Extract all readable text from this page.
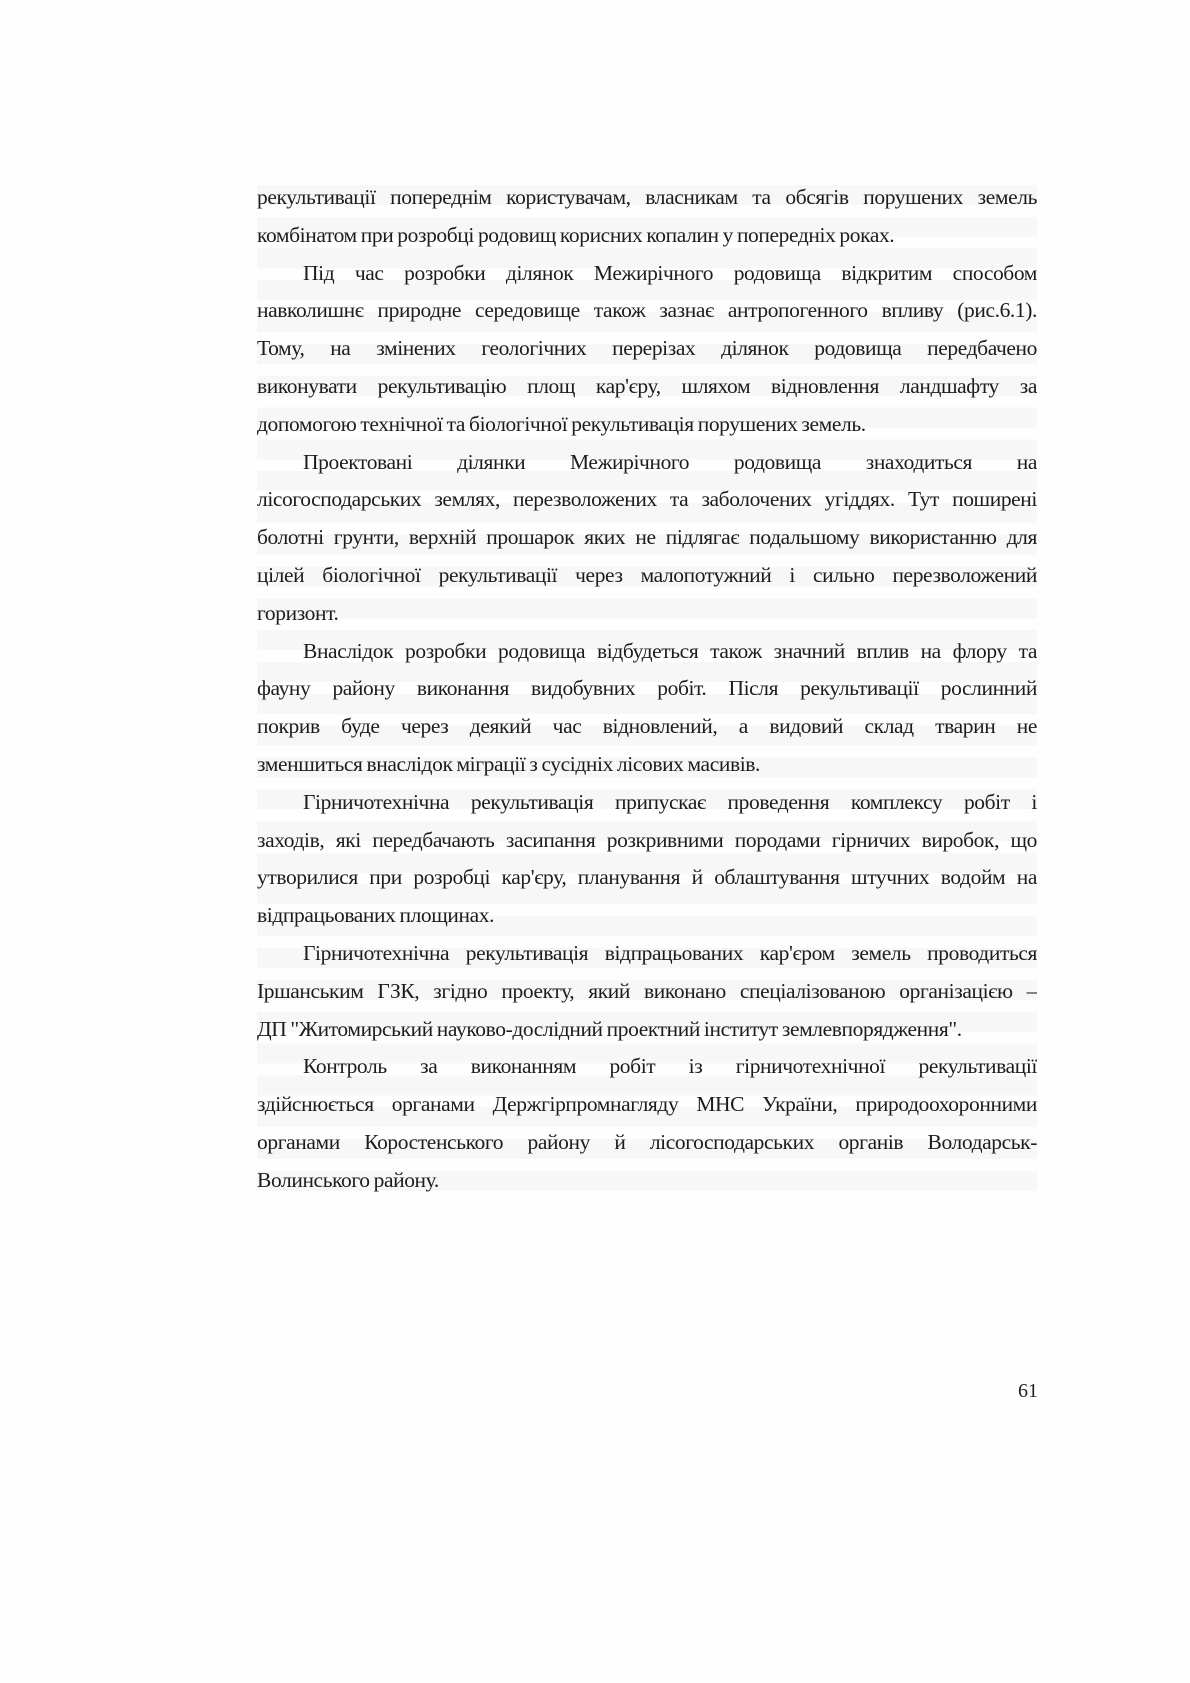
рекультивації попереднім користувачам, власникам та обсягів порушених земель
комбінатом при розробці родовищ корисних копалин у попередніх роках.
Під час розробки ділянок Межирічного родовища відкритим способом
навколишнє природне середовище також зазнає антропогенного впливу (рис.6.1).
Тому, на змінених геологічних перерізах ділянок родовища передбачено
виконувати рекультивацію площ кар'єру, шляхом відновлення ландшафту за
допомогою технічної та біологічної рекультивація порушених земель.
Проектовані ділянки Межирічного родовища знаходиться на
лісогосподарських землях, перезволожених та заболочених угіддях. Тут поширені
болотні грунти, верхній прошарок яких не підлягає подальшому використанню для
цілей біологічної рекультивації через малопотужний і сильно перезволожений
горизонт.
Внаслідок розробки родовища відбудеться також значний вплив на флору та
фауну району виконання видобувних робіт. Після рекультивації рослинний
покрив буде через деякий час відновлений, а видовий склад тварин не
зменшиться внаслідок міграції з сусідніх лісових масивів.
Гірничотехнічна рекультивація припускає проведення комплексу робіт і
заходів, які передбачають засипання розкривними породами гірничих виробок, що
утворилися при розробці кар'єру, планування й облаштування штучних водойм на
відпрацьованих площинах.
Гірничотехнічна рекультивація відпрацьованих кар'єром земель проводиться
Іршанським ГЗК, згідно проекту, який виконано спеціалізованою організацією –
ДП "Житомирський науково-дослідний проектний інститут землевпорядження".
Контроль за виконанням робіт із гірничотехнічної рекультивації
здійснюється органами Держгірпромнагляду МНС України, природоохоронними
органами Коростенського району й лісогосподарських органів Володарськ-
Волинського району.
61
